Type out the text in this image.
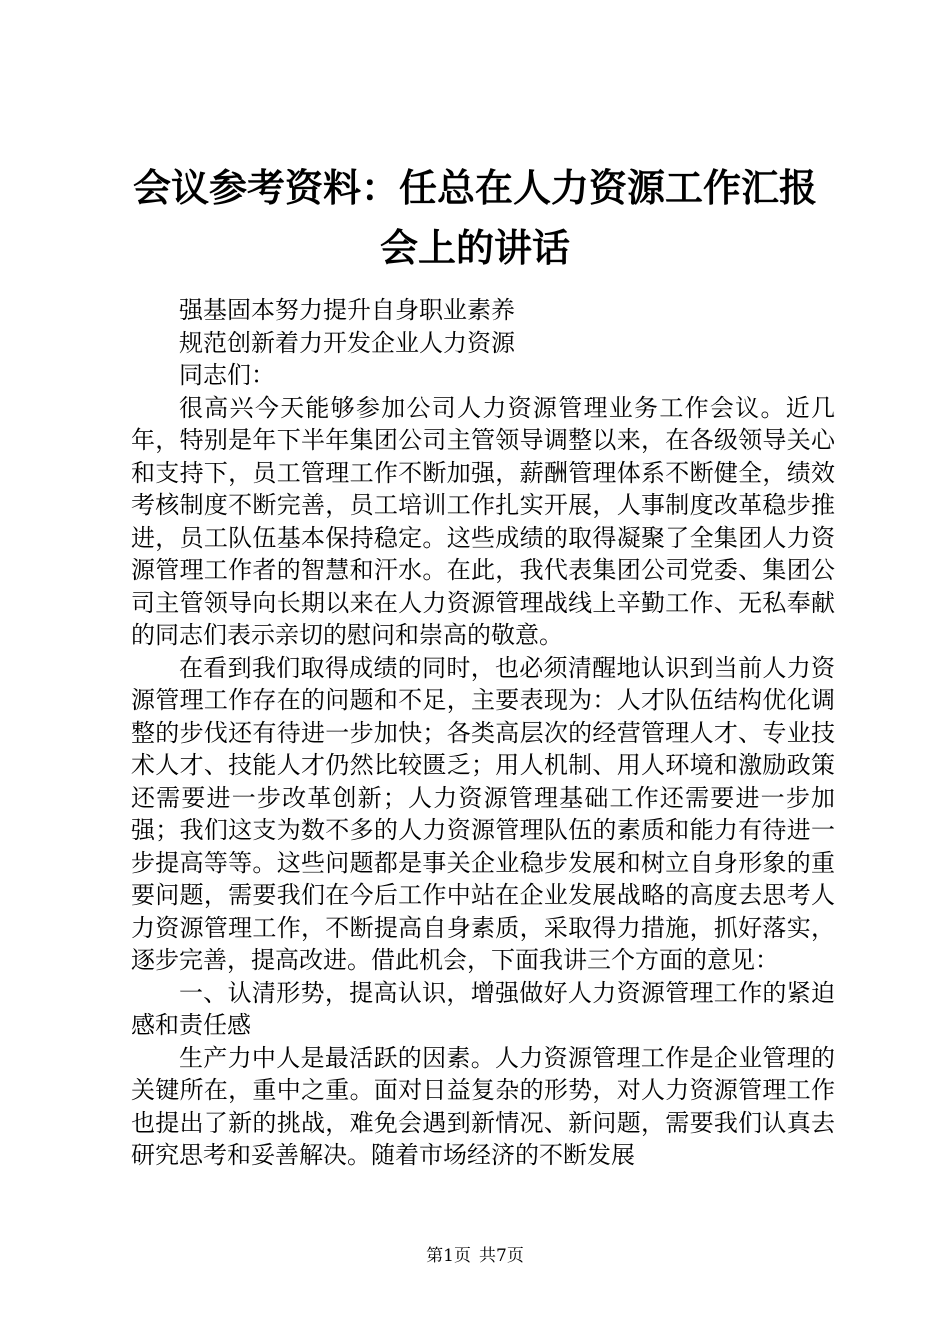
会议参考资料：任总在人力资源工作汇报会上的讲话

强基固本努力提升自身职业素养

规范创新着力开发企业人力资源

同志们：

很高兴今天能够参加公司人力资源管理业务工作会议。近几年，特别是年下半年集团公司主管领导调整以来，在各级领导关心和支持下，员工管理工作不断加强，薪酬管理体系不断健全，绩效考核制度不断完善，员工培训工作扎实开展，人事制度改革稳步推进，员工队伍基本保持稳定。这些成绩的取得凝聚了全集团人力资源管理工作者的智慧和汗水。在此，我代表集团公司党委、集团公司主管领导向长期以来在人力资源管理战线上辛勤工作、无私奉献的同志们表示亲切的慰问和崇高的敬意。

在看到我们取得成绩的同时，也必须清醒地认识到当前人力资源管理工作存在的问题和不足，主要表现为：人才队伍结构优化调整的步伐还有待进一步加快；各类高层次的经营管理人才、专业技术人才、技能人才仍然比较匮乏；用人机制、用人环境和激励政策还需要进一步改革创新；人力资源管理基础工作还需要进一步加强；我们这支为数不多的人力资源管理队伍的素质和能力有待进一步提高等等。这些问题都是事关企业稳步发展和树立自身形象的重要问题，需要我们在今后工作中站在企业发展战略的高度去思考人力资源管理工作，不断提高自身素质，采取得力措施，抓好落实，逐步完善，提高改进。借此机会，下面我讲三个方面的意见：

一、认清形势，提高认识，增强做好人力资源管理工作的紧迫感和责任感

生产力中人是最活跃的因素。人力资源管理工作是企业管理的关键所在，重中之重。面对日益复杂的形势，对人力资源管理工作也提出了新的挑战，难免会遇到新情况、新问题，需要我们认真去研究思考和妥善解决。随着市场经济的不断发展

第1页 共7页
